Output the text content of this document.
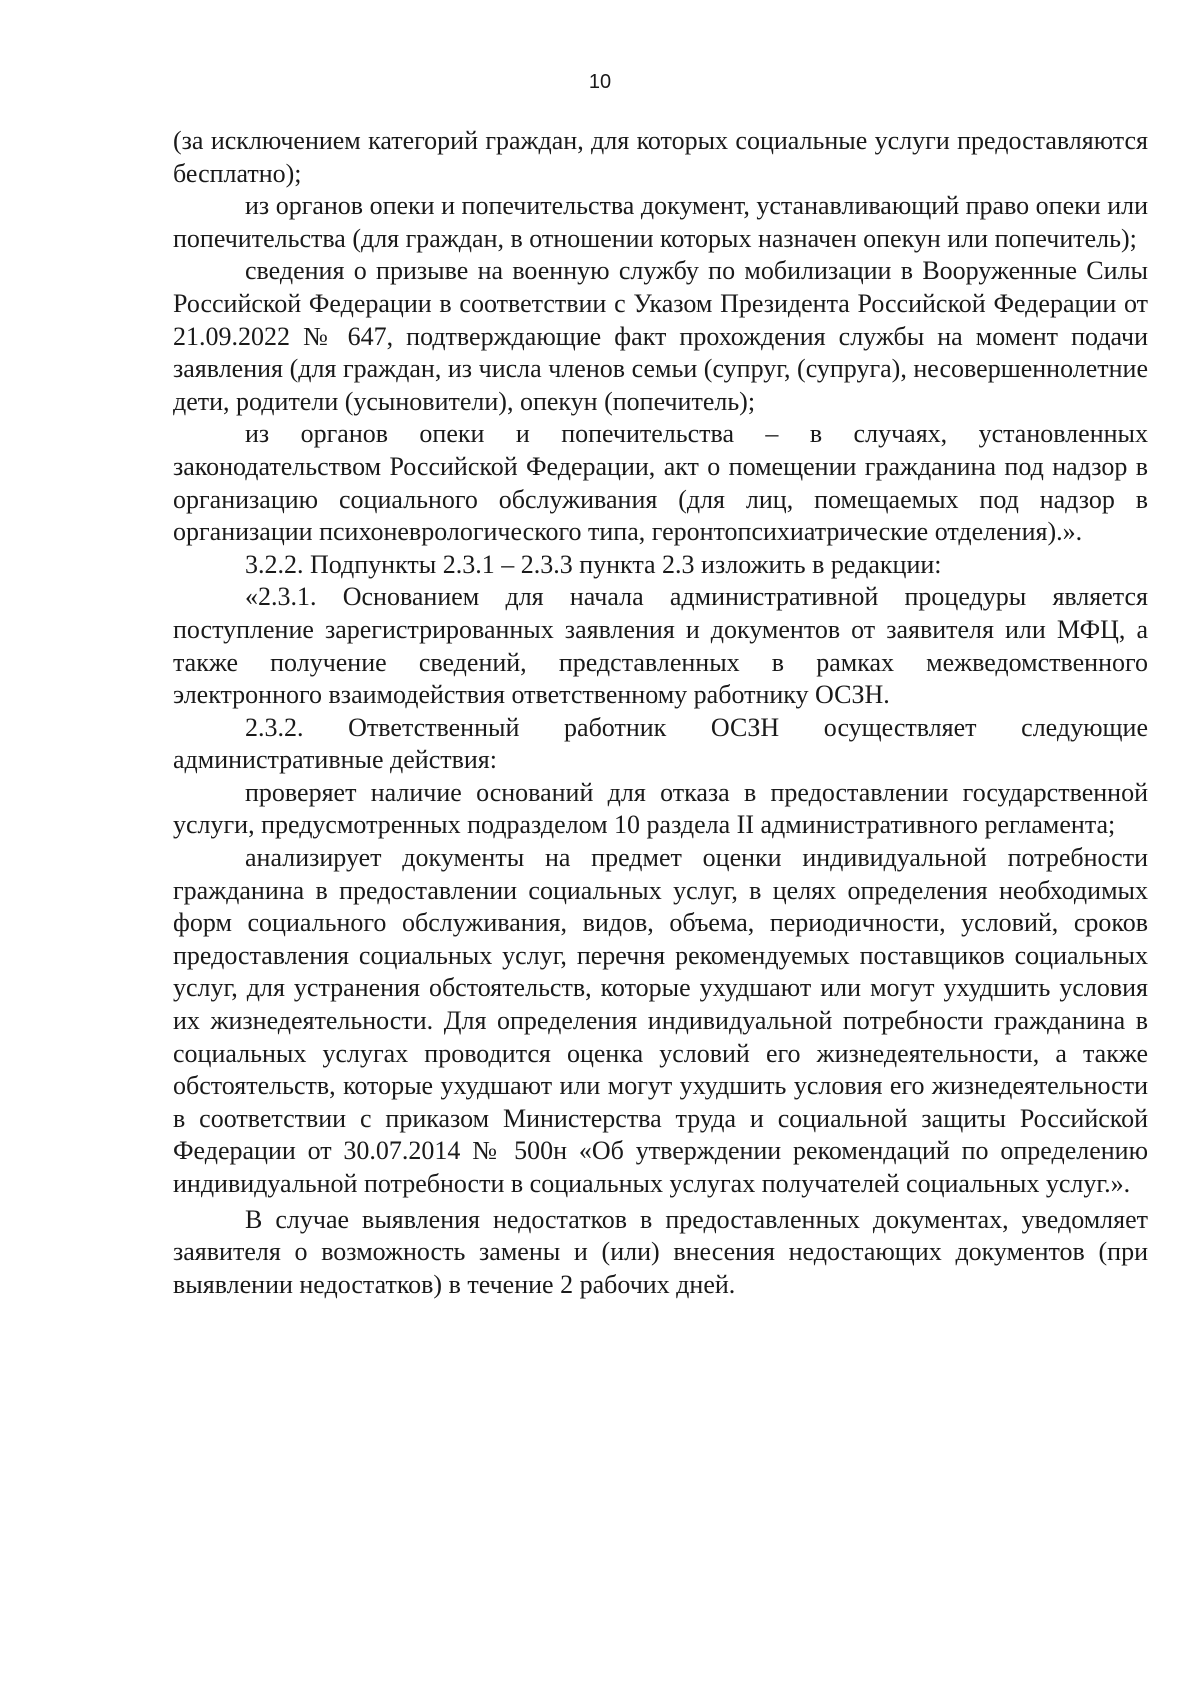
10

(за исключением категорий граждан, для которых социальные услуги предоставляются бесплатно);

из органов опеки и попечительства документ, устанавливающий право опеки или попечительства (для граждан, в отношении которых назначен опекун или попечитель);

сведения о призыве на военную службу по мобилизации в Вооруженные Силы Российской Федерации в соответствии с Указом Президента Российской Федерации от 21.09.2022 № 647, подтверждающие факт прохождения службы на момент подачи заявления (для граждан, из числа членов семьи (супруг, (супруга), несовершеннолетние дети, родители (усыновители), опекун (попечитель);

из органов опеки и попечительства – в случаях, установленных законодательством Российской Федерации, акт о помещении гражданина под надзор в организацию социального обслуживания (для лиц, помещаемых под надзор в организации психоневрологического типа, геронтопсихиатрические отделения).».

3.2.2. Подпункты 2.3.1 – 2.3.3 пункта 2.3 изложить в редакции:

«2.3.1. Основанием для начала административной процедуры является поступление зарегистрированных заявления и документов от заявителя или МФЦ, а также получение сведений, представленных в рамках межведомственного электронного взаимодействия ответственному работнику ОСЗН.

2.3.2. Ответственный работник ОСЗН осуществляет следующие административные действия:

проверяет наличие оснований для отказа в предоставлении государственной услуги, предусмотренных подразделом 10 раздела II административного регламента;

анализирует документы на предмет оценки индивидуальной потребности гражданина в предоставлении социальных услуг, в целях определения необходимых форм социального обслуживания, видов, объема, периодичности, условий, сроков предоставления социальных услуг, перечня рекомендуемых поставщиков социальных услуг, для устранения обстоятельств, которые ухудшают или могут ухудшить условия их жизнедеятельности. Для определения индивидуальной потребности гражданина в социальных услугах проводится оценка условий его жизнедеятельности, а также обстоятельств, которые ухудшают или могут ухудшить условия его жизнедеятельности в соответствии с приказом Министерства труда и социальной защиты Российской Федерации от 30.07.2014 № 500н «Об утверждении рекомендаций по определению индивидуальной потребности в социальных услугах получателей социальных услуг.».

В случае выявления недостатков в предоставленных документах, уведомляет заявителя о возможность замены и (или) внесения недостающих документов (при выявлении недостатков) в течение 2 рабочих дней.
